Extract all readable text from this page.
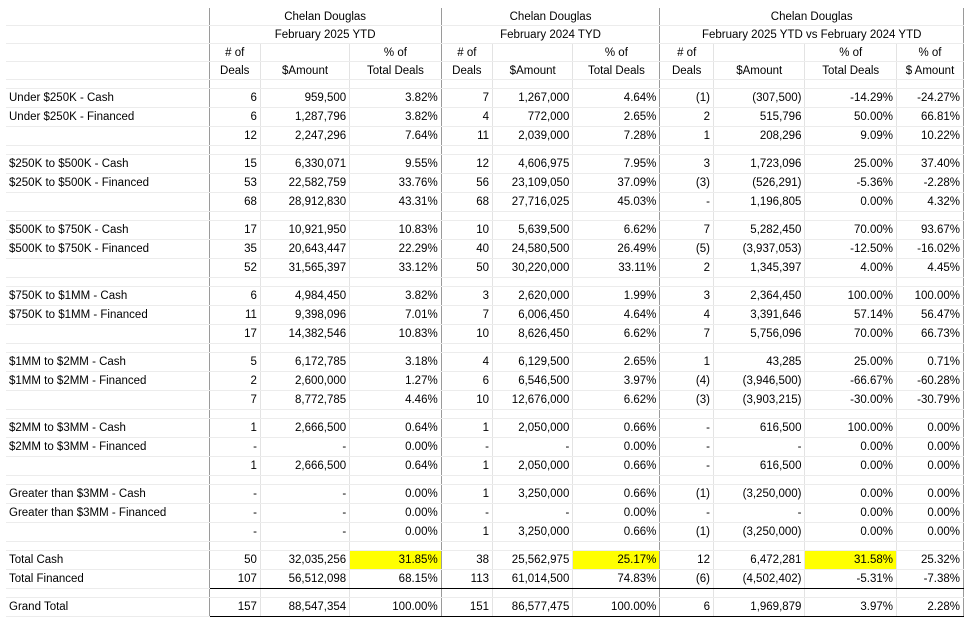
	Chelan Douglas			Chelan Douglas			Chelan Douglas			
	February 2025 YTD			February 2024 TYD			February 2025 YTD vs February 2024 YTD			
	# of		% of	# of		% of	# of		% of	% of
	Deals	$Amount	Total Deals	Deals	$Amount	Total Deals	Deals	$Amount	Total Deals	$ Amount

Under $250K - Cash	6	959,500	3.82%	7	1,267,000	4.64%	(1)	(307,500)	-14.29%	-24.27%
Under $250K - Financed	6	1,287,796	3.82%	4	772,000	2.65%	2	515,796	50.00%	66.81%
	12	2,247,296	7.64%	11	2,039,000	7.28%	1	208,296	9.09%	10.22%

$250K to $500K - Cash	15	6,330,071	9.55%	12	4,606,975	7.95%	3	1,723,096	25.00%	37.40%
$250K to $500K - Financed	53	22,582,759	33.76%	56	23,109,050	37.09%	(3)	(526,291)	-5.36%	-2.28%
	68	28,912,830	43.31%	68	27,716,025	45.03%	-	1,196,805	0.00%	4.32%

$500K to $750K - Cash	17	10,921,950	10.83%	10	5,639,500	6.62%	7	5,282,450	70.00%	93.67%
$500K to $750K - Financed	35	20,643,447	22.29%	40	24,580,500	26.49%	(5)	(3,937,053)	-12.50%	-16.02%
	52	31,565,397	33.12%	50	30,220,000	33.11%	2	1,345,397	4.00%	4.45%

$750K to $1MM - Cash	6	4,984,450	3.82%	3	2,620,000	1.99%	3	2,364,450	100.00%	100.00%
$750K to $1MM - Financed	11	9,398,096	7.01%	7	6,006,450	4.64%	4	3,391,646	57.14%	56.47%
	17	14,382,546	10.83%	10	8,626,450	6.62%	7	5,756,096	70.00%	66.73%

$1MM to $2MM - Cash	5	6,172,785	3.18%	4	6,129,500	2.65%	1	43,285	25.00%	0.71%
$1MM to $2MM - Financed	2	2,600,000	1.27%	6	6,546,500	3.97%	(4)	(3,946,500)	-66.67%	-60.28%
	7	8,772,785	4.46%	10	12,676,000	6.62%	(3)	(3,903,215)	-30.00%	-30.79%

$2MM to $3MM - Cash	1	2,666,500	0.64%	1	2,050,000	0.66%	-	616,500	100.00%	0.00%
$2MM to $3MM - Financed	-	-	0.00%	-	-	0.00%	-	-	0.00%	0.00%
	1	2,666,500	0.64%	1	2,050,000	0.66%	-	616,500	0.00%	0.00%

Greater than $3MM - Cash	-	-	0.00%	1	3,250,000	0.66%	(1)	(3,250,000)	0.00%	0.00%
Greater than $3MM - Financed	-	-	0.00%	-	-	0.00%	-	-	0.00%	0.00%
	-	-	0.00%	1	3,250,000	0.66%	(1)	(3,250,000)	0.00%	0.00%

Total Cash	50	32,035,256	31.85%	38	25,562,975	25.17%	12	6,472,281	31.58%	25.32%
Total Financed	107	56,512,098	68.15%	113	61,014,500	74.83%	(6)	(4,502,402)	-5.31%	-7.38%

Grand Total	157	88,547,354	100.00%	151	86,577,475	100.00%	6	1,969,879	3.97%	2.28%
